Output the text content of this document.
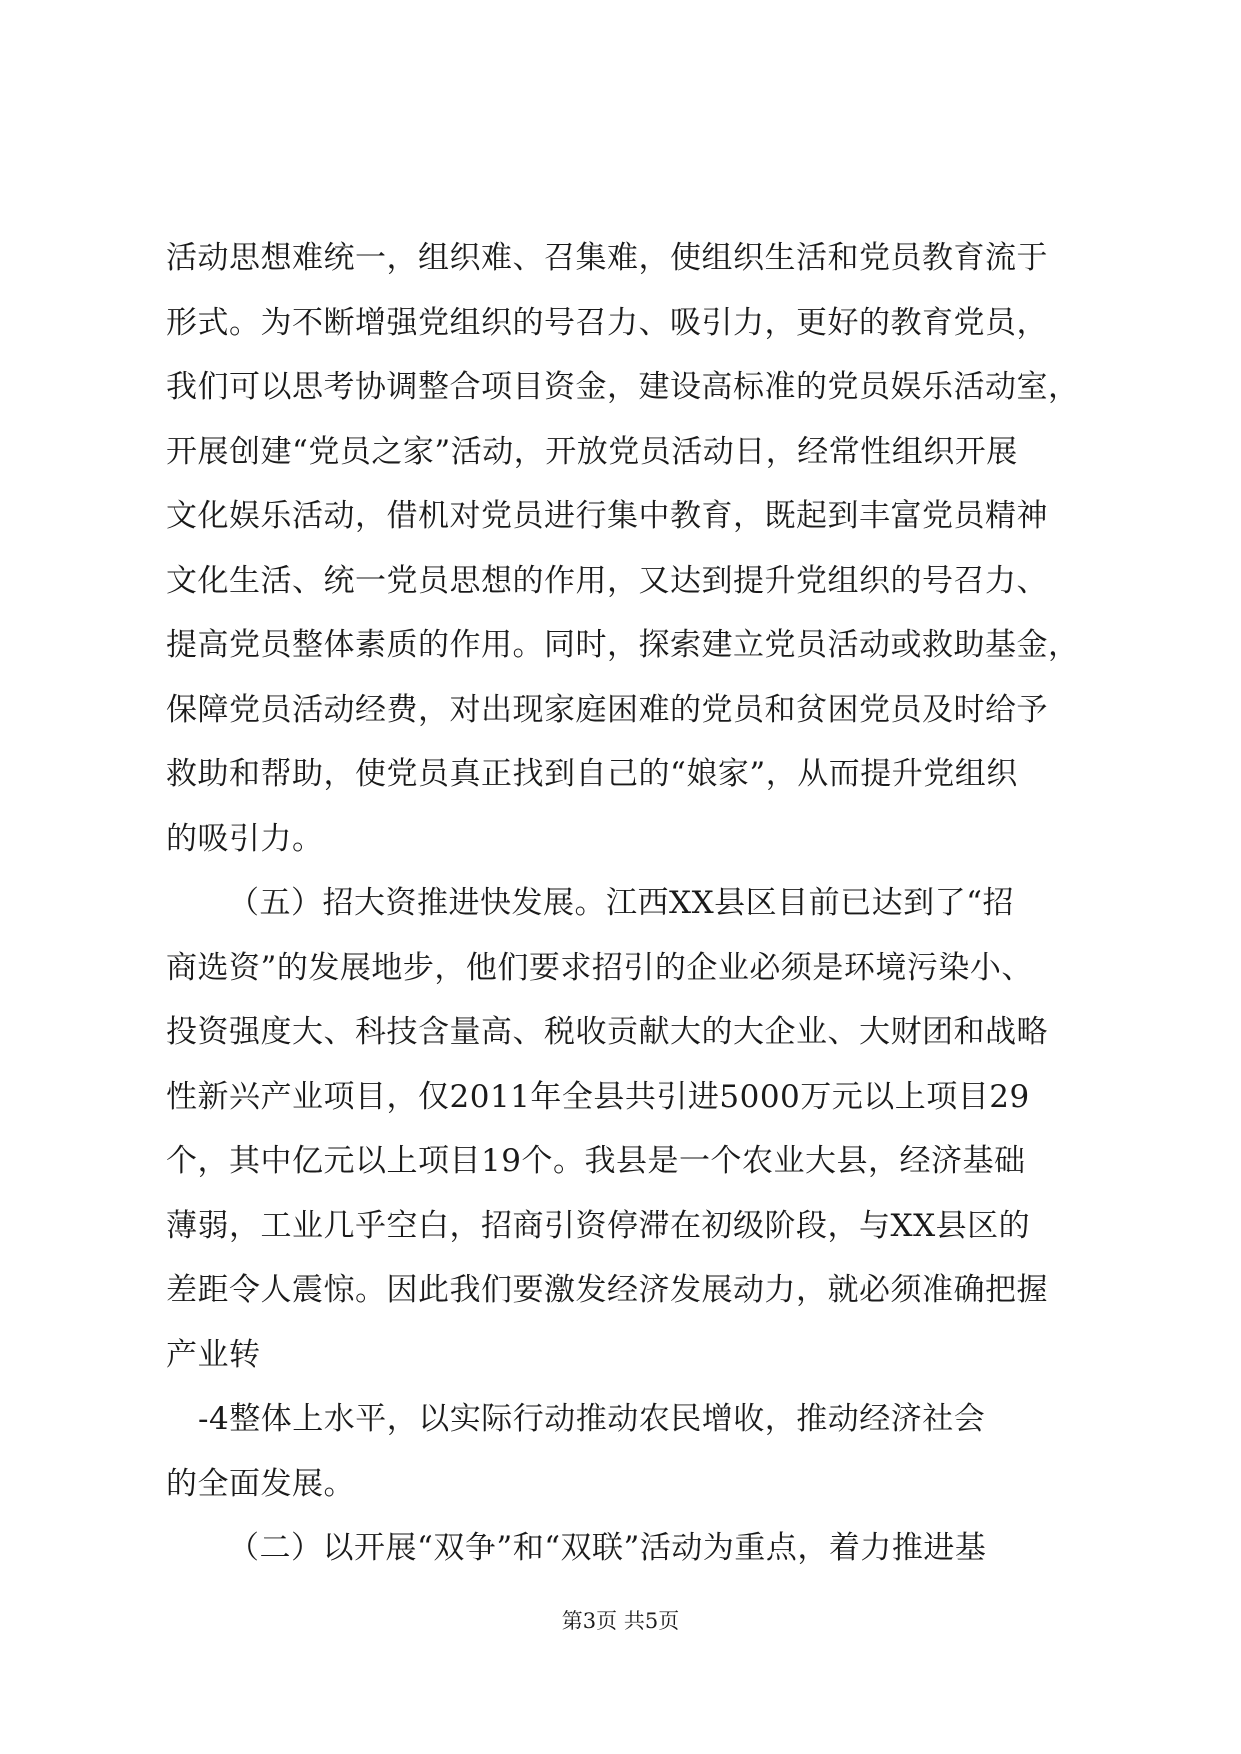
活动思想难统一，组织难、召集难，使组织生活和党员教育流于
形式。为不断增强党组织的号召力、吸引力，更好的教育党员，
我们可以思考协调整合项目资金，建设高标准的党员娱乐活动室，
开展创建“党员之家”活动，开放党员活动日，经常性组织开展
文化娱乐活动，借机对党员进行集中教育，既起到丰富党员精神
文化生活、统一党员思想的作用，又达到提升党组织的号召力、
提高党员整体素质的作用。同时，探索建立党员活动或救助基金，
保障党员活动经费，对出现家庭困难的党员和贫困党员及时给予
救助和帮助，使党员真正找到自己的“娘家”，从而提升党组织
的吸引力。
（五）招大资推进快发展。江西XX县区目前已达到了“招
商选资”的发展地步，他们要求招引的企业必须是环境污染小、
投资强度大、科技含量高、税收贡献大的大企业、大财团和战略
性新兴产业项目，仅2011年全县共引进5000万元以上项目29
个，其中亿元以上项目19个。我县是一个农业大县，经济基础
薄弱，工业几乎空白，招商引资停滞在初级阶段，与XX县区的
差距令人震惊。因此我们要激发经济发展动力，就必须准确把握
产业转
-4整体上水平，以实际行动推动农民增收，推动经济社会
的全面发展。
（二）以开展“双争”和“双联”活动为重点，着力推进基
第3页 共5页
